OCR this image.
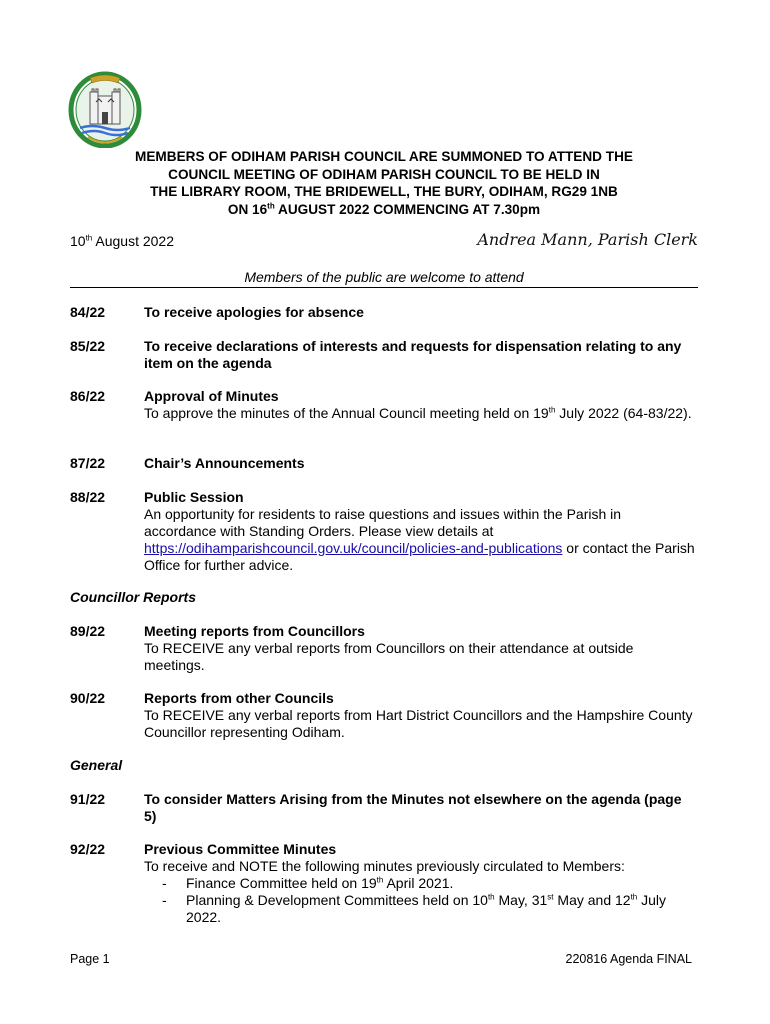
MEMBERS OF ODIHAM PARISH COUNCIL ARE SUMMONED TO ATTEND THE
COUNCIL MEETING OF ODIHAM PARISH COUNCIL TO BE HELD IN
THE LIBRARY ROOM, THE BRIDEWELL, THE BURY, ODIHAM, RG29 1NB
ON 16th AUGUST 2022 COMMENCING AT 7.30pm
10th August 2022	Andrea Mann, Parish Clerk
Members of the public are welcome to attend
84/22	To receive apologies for absence
85/22	To receive declarations of interests and requests for dispensation relating to any item on the agenda
86/22	Approval of Minutes
To approve the minutes of the Annual Council meeting held on 19th July 2022 (64-83/22).
87/22	Chair’s Announcements
88/22	Public Session
An opportunity for residents to raise questions and issues within the Parish in accordance with Standing Orders. Please view details at https://odihamparishcouncil.gov.uk/council/policies-and-publications or contact the Parish Office for further advice.
Councillor Reports
89/22	Meeting reports from Councillors
To RECEIVE any verbal reports from Councillors on their attendance at outside meetings.
90/22	Reports from other Councils
To RECEIVE any verbal reports from Hart District Councillors and the Hampshire County Councillor representing Odiham.
General
91/22	To consider Matters Arising from the Minutes not elsewhere on the agenda (page 5)
92/22	Previous Committee Minutes
To receive and NOTE the following minutes previously circulated to Members:
- Finance Committee held on 19th April 2021.
- Planning & Development Committees held on 10th May, 31st May and 12th July 2022.
Page 1	220816 Agenda FINAL
